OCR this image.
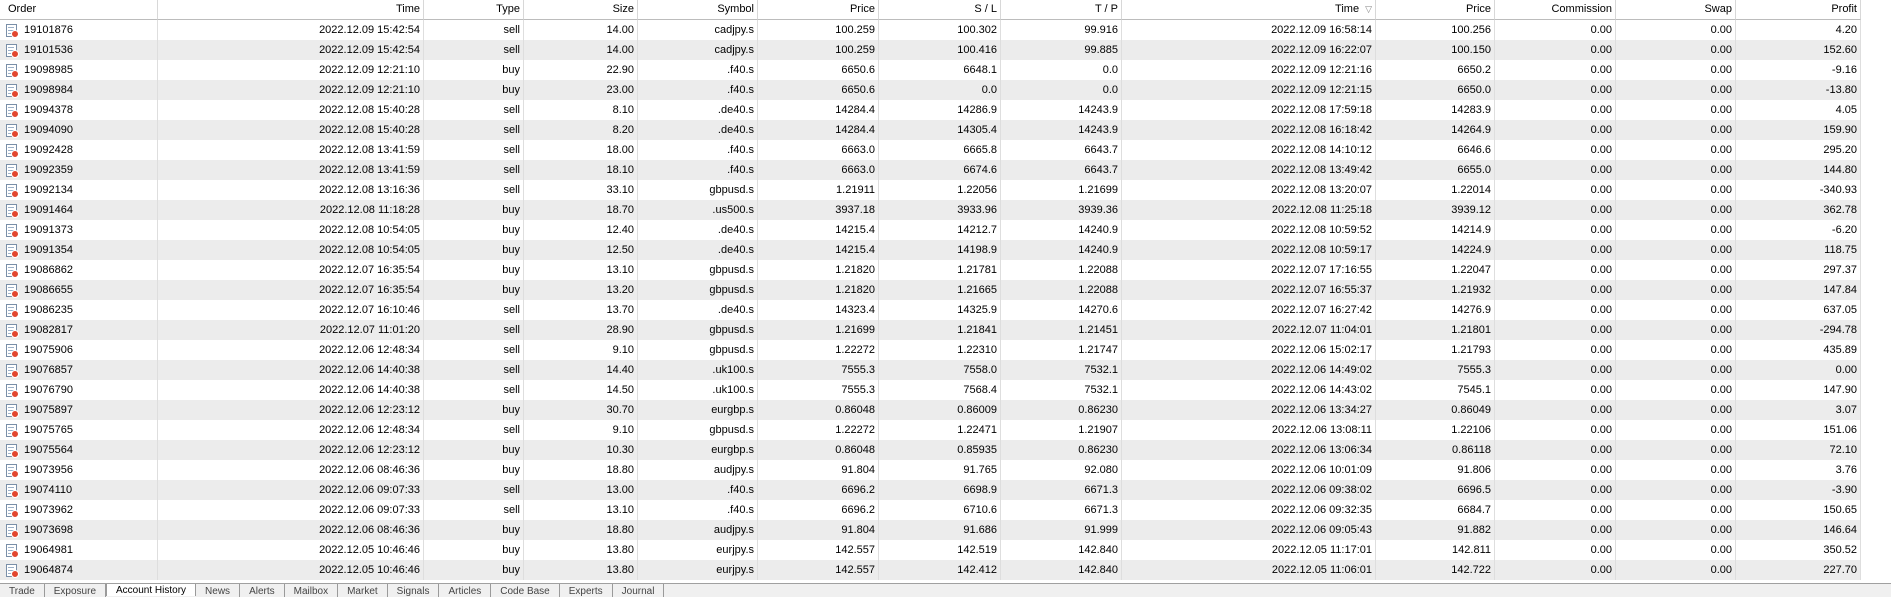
Order	Time	Type	Size	Symbol	Price	S / L	T / P	Time ▽	Price	Commission	Swap	Profit
19101876	2022.12.09 15:42:54	sell	14.00	cadjpy.s	100.259	100.302	99.916	2022.12.09 16:58:14	100.256	0.00	0.00	4.20
19101536	2022.12.09 15:42:54	sell	14.00	cadjpy.s	100.259	100.416	99.885	2022.12.09 16:22:07	100.150	0.00	0.00	152.60
19098985	2022.12.09 12:21:10	buy	22.90	.f40.s	6650.6	6648.1	0.0	2022.12.09 12:21:16	6650.2	0.00	0.00	-9.16
19098984	2022.12.09 12:21:10	buy	23.00	.f40.s	6650.6	0.0	0.0	2022.12.09 12:21:15	6650.0	0.00	0.00	-13.80
19094378	2022.12.08 15:40:28	sell	8.10	.de40.s	14284.4	14286.9	14243.9	2022.12.08 17:59:18	14283.9	0.00	0.00	4.05
19094090	2022.12.08 15:40:28	sell	8.20	.de40.s	14284.4	14305.4	14243.9	2022.12.08 16:18:42	14264.9	0.00	0.00	159.90
19092428	2022.12.08 13:41:59	sell	18.00	.f40.s	6663.0	6665.8	6643.7	2022.12.08 14:10:12	6646.6	0.00	0.00	295.20
19092359	2022.12.08 13:41:59	sell	18.10	.f40.s	6663.0	6674.6	6643.7	2022.12.08 13:49:42	6655.0	0.00	0.00	144.80
19092134	2022.12.08 13:16:36	sell	33.10	gbpusd.s	1.21911	1.22056	1.21699	2022.12.08 13:20:07	1.22014	0.00	0.00	-340.93
19091464	2022.12.08 11:18:28	buy	18.70	.us500.s	3937.18	3933.96	3939.36	2022.12.08 11:25:18	3939.12	0.00	0.00	362.78
19091373	2022.12.08 10:54:05	buy	12.40	.de40.s	14215.4	14212.7	14240.9	2022.12.08 10:59:52	14214.9	0.00	0.00	-6.20
19091354	2022.12.08 10:54:05	buy	12.50	.de40.s	14215.4	14198.9	14240.9	2022.12.08 10:59:17	14224.9	0.00	0.00	118.75
19086862	2022.12.07 16:35:54	buy	13.10	gbpusd.s	1.21820	1.21781	1.22088	2022.12.07 17:16:55	1.22047	0.00	0.00	297.37
19086655	2022.12.07 16:35:54	buy	13.20	gbpusd.s	1.21820	1.21665	1.22088	2022.12.07 16:55:37	1.21932	0.00	0.00	147.84
19086235	2022.12.07 16:10:46	sell	13.70	.de40.s	14323.4	14325.9	14270.6	2022.12.07 16:27:42	14276.9	0.00	0.00	637.05
19082817	2022.12.07 11:01:20	sell	28.90	gbpusd.s	1.21699	1.21841	1.21451	2022.12.07 11:04:01	1.21801	0.00	0.00	-294.78
19075906	2022.12.06 12:48:34	sell	9.10	gbpusd.s	1.22272	1.22310	1.21747	2022.12.06 15:02:17	1.21793	0.00	0.00	435.89
19076857	2022.12.06 14:40:38	sell	14.40	.uk100.s	7555.3	7558.0	7532.1	2022.12.06 14:49:02	7555.3	0.00	0.00	0.00
19076790	2022.12.06 14:40:38	sell	14.50	.uk100.s	7555.3	7568.4	7532.1	2022.12.06 14:43:02	7545.1	0.00	0.00	147.90
19075897	2022.12.06 12:23:12	buy	30.70	eurgbp.s	0.86048	0.86009	0.86230	2022.12.06 13:34:27	0.86049	0.00	0.00	3.07
19075765	2022.12.06 12:48:34	sell	9.10	gbpusd.s	1.22272	1.22471	1.21907	2022.12.06 13:08:11	1.22106	0.00	0.00	151.06
19075564	2022.12.06 12:23:12	buy	10.30	eurgbp.s	0.86048	0.85935	0.86230	2022.12.06 13:06:34	0.86118	0.00	0.00	72.10
19073956	2022.12.06 08:46:36	buy	18.80	audjpy.s	91.804	91.765	92.080	2022.12.06 10:01:09	91.806	0.00	0.00	3.76
19074110	2022.12.06 09:07:33	sell	13.00	.f40.s	6696.2	6698.9	6671.3	2022.12.06 09:38:02	6696.5	0.00	0.00	-3.90
19073962	2022.12.06 09:07:33	sell	13.10	.f40.s	6696.2	6710.6	6671.3	2022.12.06 09:32:35	6684.7	0.00	0.00	150.65
19073698	2022.12.06 08:46:36	buy	18.80	audjpy.s	91.804	91.686	91.999	2022.12.06 09:05:43	91.882	0.00	0.00	146.64
19064981	2022.12.05 10:46:46	buy	13.80	eurjpy.s	142.557	142.519	142.840	2022.12.05 11:17:01	142.811	0.00	0.00	350.52
19064874	2022.12.05 10:46:46	buy	13.80	eurjpy.s	142.557	142.412	142.840	2022.12.05 11:06:01	142.722	0.00	0.00	227.70
Trade	Exposure	Account History	News	Alerts	Mailbox	Market	Signals	Articles	Code Base	Experts	Journal
